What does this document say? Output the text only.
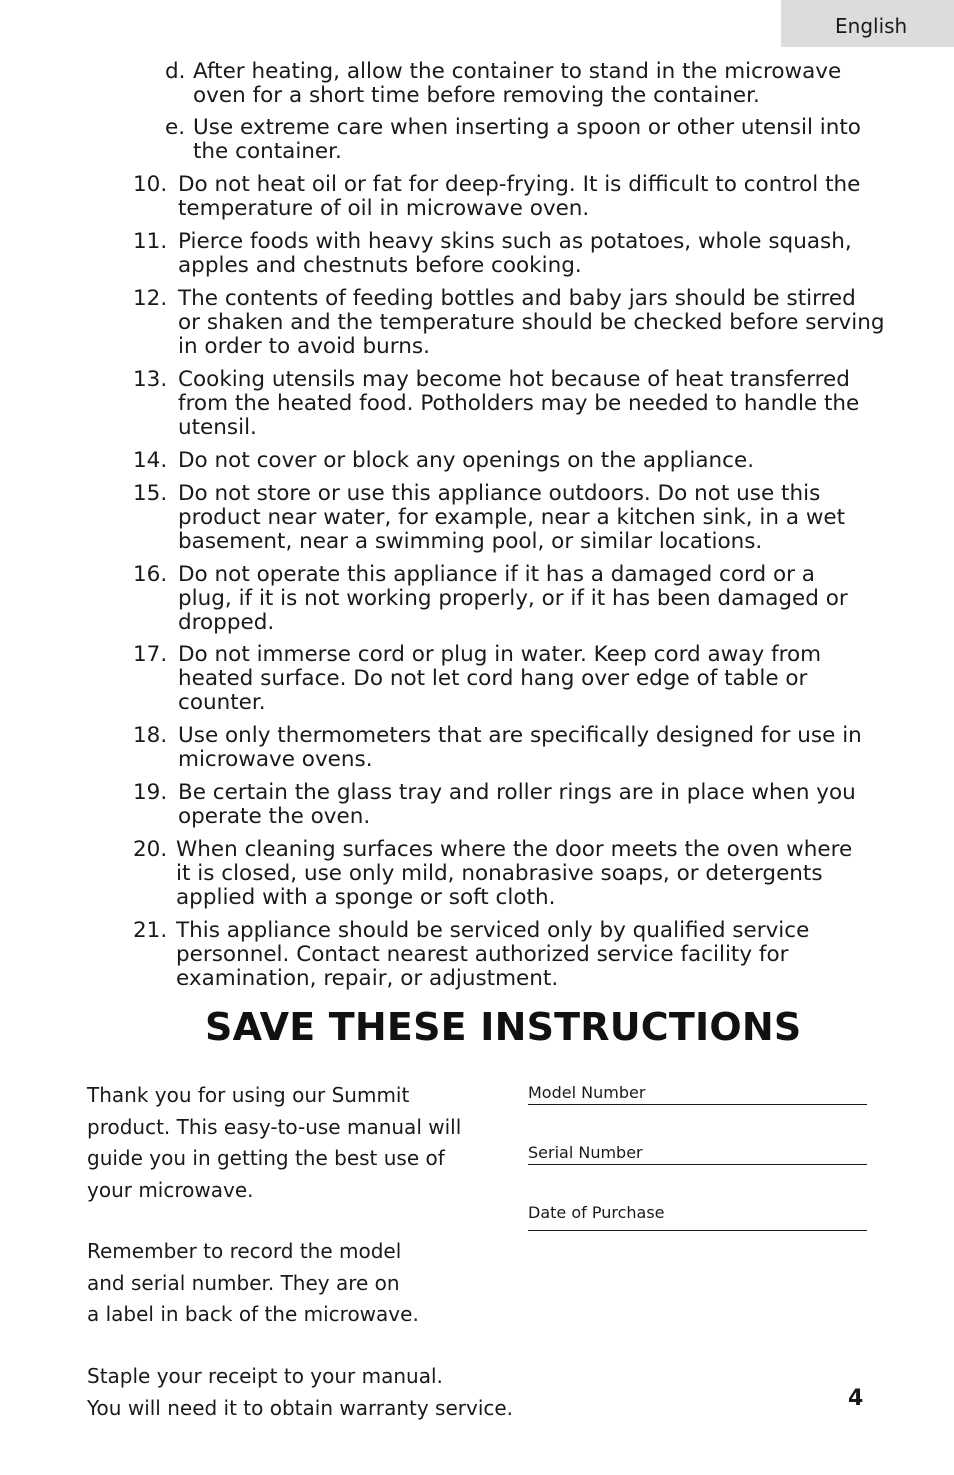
English
d. After heating, allow the container to stand in the microwave
oven for a short time before removing the container.
e. Use extreme care when inserting a spoon or other utensil into
the container.
10. Do not heat oil or fat for deep-frying. It is difficult to control the
temperature of oil in microwave oven.
11. Pierce foods with heavy skins such as potatoes, whole squash,
apples and chestnuts before cooking.
12. The contents of feeding bottles and baby jars should be stirred
or shaken and the temperature should be checked before serving
in order to avoid burns.
13. Cooking utensils may become hot because of heat transferred
from the heated food. Potholders may be needed to handle the
utensil.
14. Do not cover or block any openings on the appliance.
15. Do not store or use this appliance outdoors. Do not use this
product near water, for example, near a kitchen sink, in a wet
basement, near a swimming pool, or similar locations.
16. Do not operate this appliance if it has a damaged cord or a
plug, if it is not working properly, or if it has been damaged or
dropped.
17. Do not immerse cord or plug in water. Keep cord away from
heated surface. Do not let cord hang over edge of table or
counter.
18. Use only thermometers that are specifically designed for use in
microwave ovens.
19. Be certain the glass tray and roller rings are in place when you
operate the oven.
20. When cleaning surfaces where the door meets the oven where
it is closed, use only mild, nonabrasive soaps, or detergents
applied with a sponge or soft cloth.
21. This appliance should be serviced only by qualified service
personnel. Contact nearest authorized service facility for
examination, repair, or adjustment.
SAVE THESE INSTRUCTIONS
Thank you for using our Summit
product. This easy-to-use manual will
guide you in getting the best use of
your microwave.
Remember to record the model
and serial number. They are on
a label in back of the microwave.
Staple your receipt to your manual.
You will need it to obtain warranty service.
Model Number
Serial Number
Date of Purchase
4
